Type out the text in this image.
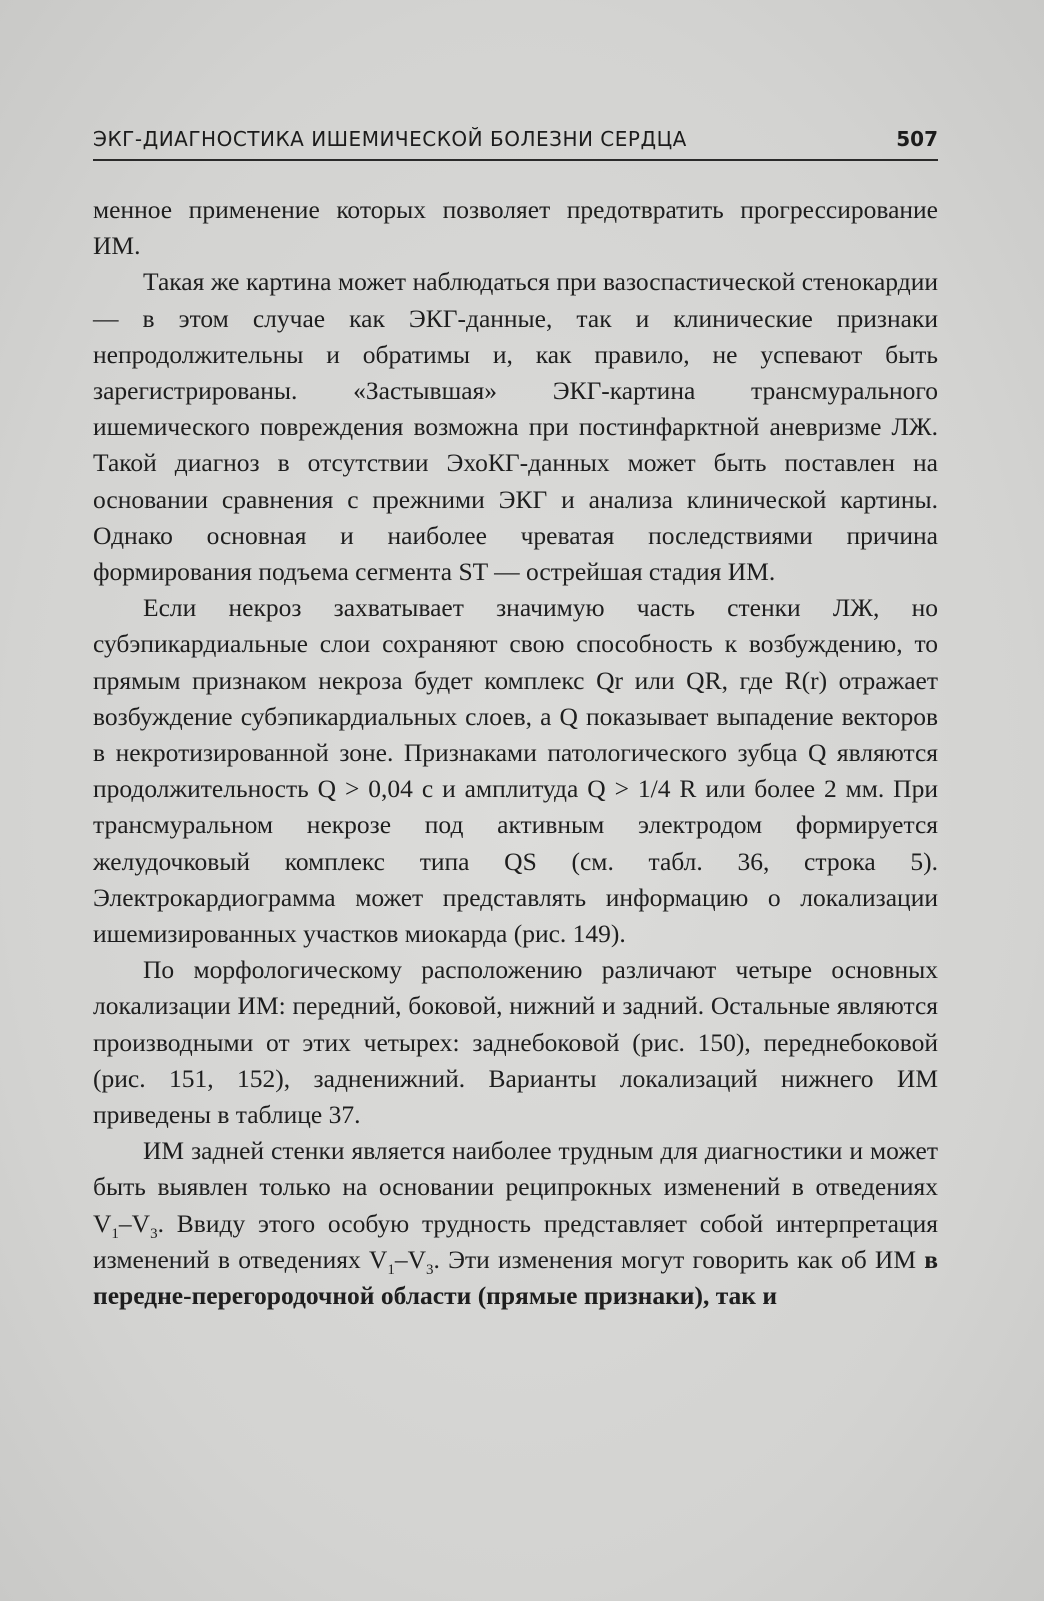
ЭКГ-ДИАГНОСТИКА ИШЕМИЧЕСКОЙ БОЛЕЗНИ СЕРДЦА	507

менное применение которых позволяет предотвратить прогрессирование ИМ.

Такая же картина может наблюдаться при вазоспастической стенокардии — в этом случае как ЭКГ-данные, так и клинические признаки непродолжительны и обратимы и, как правило, не успевают быть зарегистрированы. «Застывшая» ЭКГ-картина трансмурального ишемического повреждения возможна при постинфарктной аневризме ЛЖ. Такой диагноз в отсутствии ЭхоКГ-данных может быть поставлен на основании сравнения с прежними ЭКГ и анализа клинической картины. Однако основная и наиболее чреватая последствиями причина формирования подъема сегмента ST — острейшая стадия ИМ.

Если некроз захватывает значимую часть стенки ЛЖ, но субэпикардиальные слои сохраняют свою способность к возбуждению, то прямым признаком некроза будет комплекс Qr или QR, где R(r) отражает возбуждение субэпикардиальных слоев, а Q показывает выпадение векторов в некротизированной зоне. Признаками патологического зубца Q являются продолжительность Q > 0,04 с и амплитуда Q > 1/4 R или более 2 мм. При трансмуральном некрозе под активным электродом формируется желудочковый комплекс типа QS (см. табл. 36, строка 5). Электрокардиограмма может представлять информацию о локализации ишемизированных участков миокарда (рис. 149).

По морфологическому расположению различают четыре основных локализации ИМ: передний, боковой, нижний и задний. Остальные являются производными от этих четырех: заднебоковой (рис. 150), переднебоковой (рис. 151, 152), задненижний. Варианты локализаций нижнего ИМ приведены в таблице 37.

ИМ задней стенки является наиболее трудным для диагностики и может быть выявлен только на основании реципрокных изменений в отведениях $V_1-V_3$. Ввиду этого особую трудность представляет собой интерпретация изменений в отведениях $V_1-V_3$. Эти изменения могут говорить как об ИМ в передне-перегородочной области (прямые признаки), так и
